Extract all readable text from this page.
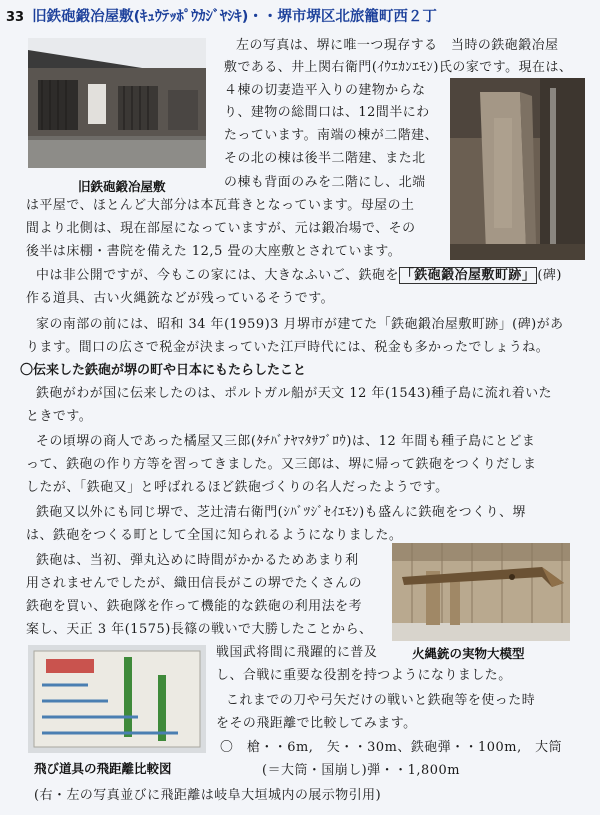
33 旧鉄砲鍛冶屋敷(ｷｭｳﾃｯﾎﾟｳｶｼﾞﾔｼｷ)・・堺市堺区北旅籠町西２丁
旧鉄砲鍛冶屋敷
左の写真は、堺に唯一つ現存する　当時の鉄砲鍛冶屋
敷である、井上関右衛門(ｲｳｴｶﾝｴﾓﾝ)氏の家です。現在は、
４棟の切妻造平入りの建物からな
り、建物の総間口は、12間半にわ
たっています。南端の棟が二階建、
その北の棟は後半二階建、また北
の棟も背面のみを二階にし、北端
は平屋で、ほとんど大部分は本瓦葺きとなっています。母屋の土
間より北側は、現在部屋になっていますが、元は鍛冶場で、その
後半は床棚・書院を備えた 12,5 畳の大座敷とされています。
中は非公開ですが、今もこの家には、大きなふいご、鉄砲を 「鉄砲鍛冶屋敷町跡」 (碑)
作る道具、古い火縄銃などが残っているそうです。
家の南部の前には、昭和 34 年(1959)3 月堺市が建てた「鉄砲鍛冶屋敷町跡」(碑)があ
ります。間口の広さで税金が決まっていた江戸時代には、税金も多かったでしょうね。
〇伝来した鉄砲が堺の町や日本にもたらしたこと
鉄砲がわが国に伝来したのは、ポルトガル船が天文 12 年(1543)種子島に流れ着いた
ときです。
その頃堺の商人であった橘屋又三郎(ﾀﾁﾊﾞﾅﾔﾏﾀｻﾌﾞﾛｳ)は、12 年間も種子島にとどま
って、鉄砲の作り方等を習ってきました。又三郎は、堺に帰って鉄砲をつくりだしま
したが、「鉄砲又」と呼ばれるほど鉄砲づくりの名人だったようです。
鉄砲又以外にも同じ堺で、芝辻清右衛門(ｼﾊﾞﾂｼﾞｾｲｴﾓﾝ)も盛んに鉄砲をつくり、堺
は、鉄砲をつくる町として全国に知られるようになりました。
火縄銃の実物大模型
鉄砲は、当初、弾丸込めに時間がかかるためあまり利
用されませんでしたが、織田信長がこの堺でたくさんの
鉄砲を買い、鉄砲隊を作って機能的な鉄砲の利用法を考
案し、天正 3 年(1575)長篠の戦いで大勝したことから、
戦国武将間に飛躍的に普及
し、合戦に重要な役割を持つようになりました。
飛び道具の飛距離比較図
これまでの刀や弓矢だけの戦いと鉄砲等を使った時
をその飛距離で比較してみます。
〇　槍・・6m,　矢・・30m、鉄砲弾・・100m,　大筒
(＝大筒・国崩し)弾・・1,800m
(右・左の写真並びに飛距離は岐阜大垣城内の展示物引用)
